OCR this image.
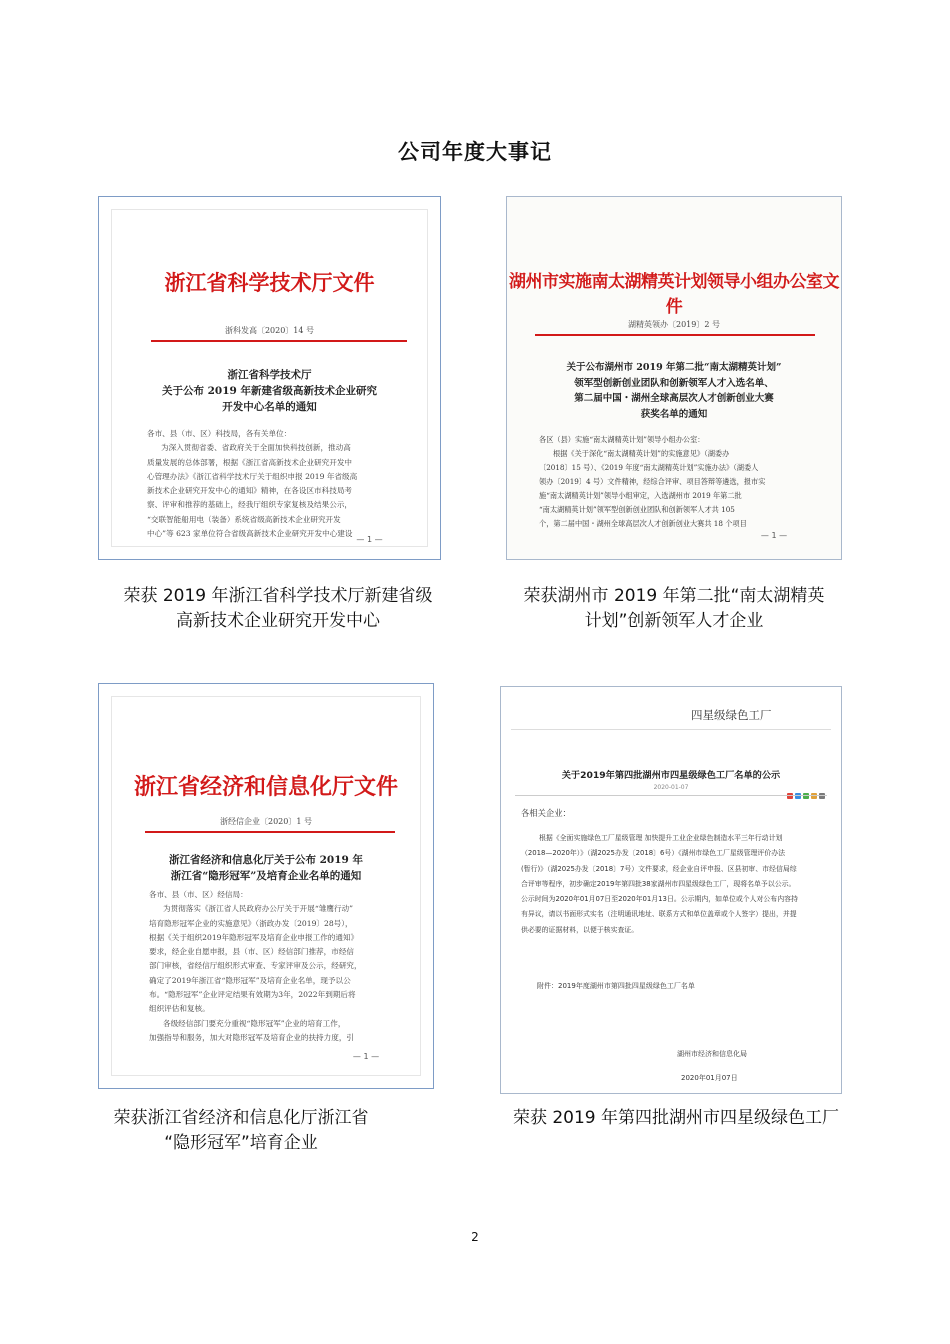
公司年度大事记
浙江省科学技术厅文件
浙科发高〔2020〕14 号
浙江省科学技术厅
关于公布 2019 年新建省级高新技术企业研究
开发中心名单的通知

各市、县（市、区）科技局，各有关单位：

为深入贯彻省委、省政府关于全面加快科技创新，推动高

质量发展的总体部署，根据《浙江省高新技术企业研究开发中

心管理办法》《浙江省科学技术厅关于组织申报 2019 年省级高

新技术企业研究开发中心的通知》精神，在各设区市科技局考

察、评审和推荐的基础上，经我厅组织专家复核及结果公示，

“交联智能船用电（装备）系统省级高新技术企业研究开发

中心”等 623 家单位符合省级高新技术企业研究开发中心建设

— 1 —
荣获 2019 年浙江省科学技术厅新建省级
高新技术企业研究开发中心
湖州市实施南太湖精英计划领导小组办公室文件
湖精英领办〔2019〕2 号
关于公布湖州市 2019 年第二批“南太湖精英计划”
领军型创新创业团队和创新领军人才入选名单、
第二届中国・湖州全球高层次人才创新创业大赛
获奖名单的通知

各区（县）实施“南太湖精英计划”领导小组办公室：

根据《关于深化“南太湖精英计划”的实施意见》（湖委办

〔2018〕15 号）、《2019 年度“南太湖精英计划”实施办法》（湖委人

领办〔2019〕4 号）文件精神，经综合评审、项目答辩等遴选，报市实

施“南太湖精英计划”领导小组审定，入选湖州市 2019 年第二批

“南太湖精英计划”领军型创新创业团队和创新领军人才共 105

个，第二届中国・湖州全球高层次人才创新创业大赛共 18 个项目

— 1 —
荣获湖州市 2019 年第二批“南太湖精英
计划”创新领军人才企业
浙江省经济和信息化厅文件
浙经信企业〔2020〕1 号
浙江省经济和信息化厅关于公布 2019 年
浙江省“隐形冠军”及培育企业名单的通知

各市、县（市、区）经信局：

为贯彻落实《浙江省人民政府办公厅关于开展“雏鹰行动”

培育隐形冠军企业的实施意见》（浙政办发〔2019〕28号），

根据《关于组织2019年隐形冠军及培育企业申报工作的通知》

要求，经企业自愿申报，县（市、区）经信部门推荐，市经信

部门审核，省经信厅组织形式审查、专家评审及公示，经研究，

确定了2019年浙江省“隐形冠军”及培育企业名单，现予以公

布。“隐形冠军”企业评定结果有效期为3年，2022年到期后将

组织评估和复核。

各级经信部门要充分重视“隐形冠军”企业的培育工作，

加强指导和服务，加大对隐形冠军及培育企业的扶持力度，引

— 1 —
荣获浙江省经济和信息化厅浙江省
“隐形冠军”培育企业
四星级绿色工厂
关于2019年第四批湖州市四星级绿色工厂名单的公示
2020-01-07
各相关企业：

根据《全面实施绿色工厂星级管理 加快提升工业企业绿色制造水平三年行动计划

（2018—2020年）》（湖2025办发〔2018〕6号）《湖州市绿色工厂星级管理评价办法

(暂行)》（湖2025办发〔2018〕7号）文件要求，经企业自评申报、区县初审、市经信局综

合评审等程序，初步确定2019年第四批38家湖州市四星级绿色工厂，现将名单予以公示。

公示时间为2020年01月07日至2020年01月13日。公示期内，如单位或个人对公布内容持

有异议，请以书面形式实名（注明通讯地址、联系方式和单位盖章或个人签字）提出，并提

供必要的证据材料，以便于核实查证。

附件：2019年度湖州市第四批四星级绿色工厂名单
湖州市经济和信息化局
2020年01月07日
荣获 2019 年第四批湖州市四星级绿色工厂
2
